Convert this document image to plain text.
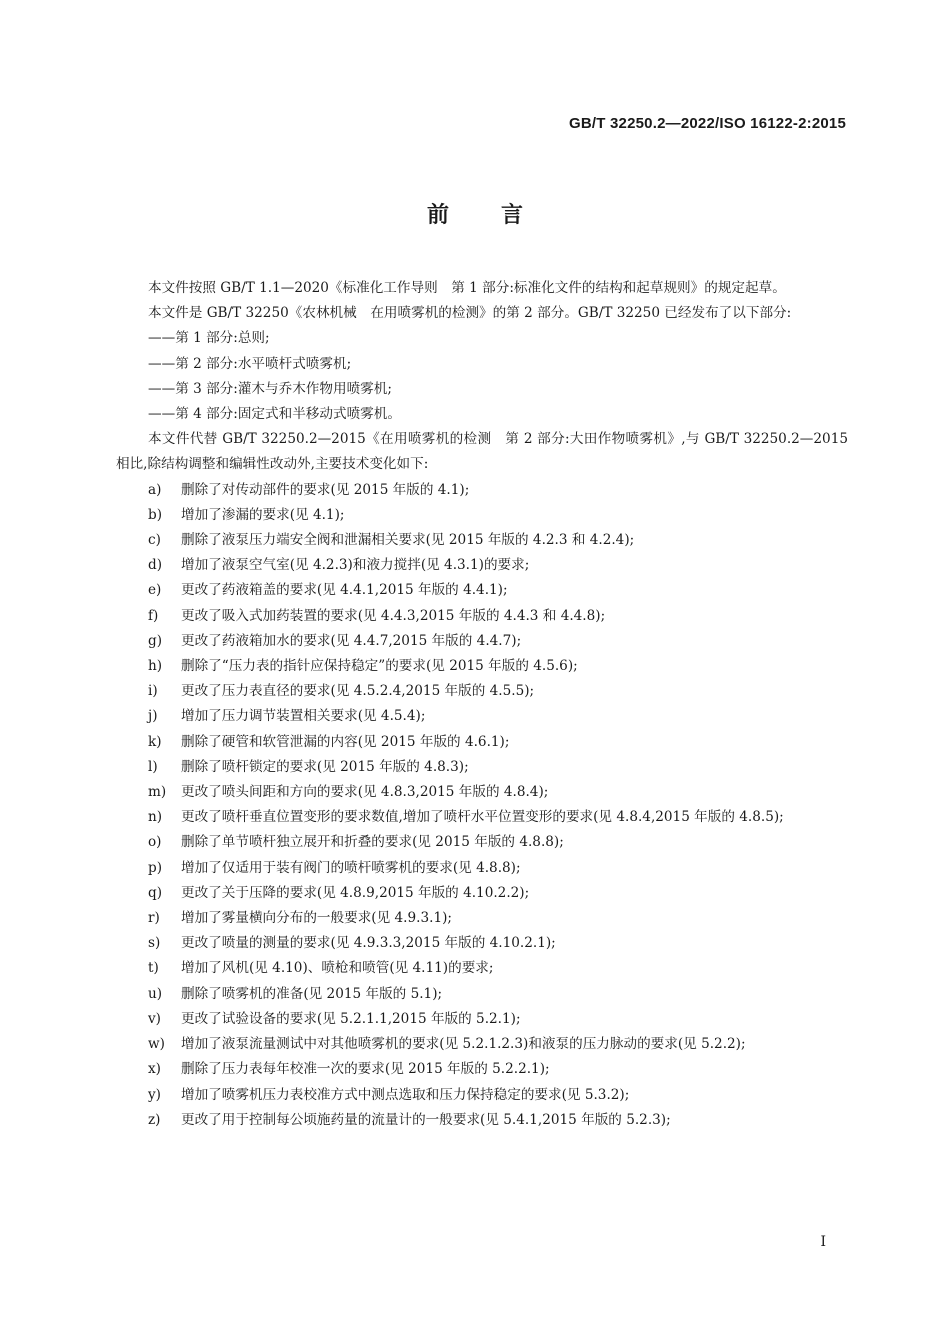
GB/T 32250.2—2022/ISO 16122-2:2015
前言

本文件按照 GB/T 1.1—2020《标准化工作导则　第 1 部分:标准化文件的结构和起草规则》的规定起草。

本文件是 GB/T 32250《农林机械　在用喷雾机的检测》的第 2 部分。GB/T 32250 已经发布了以下部分:

——第 1 部分:总则;

——第 2 部分:水平喷杆式喷雾机;

——第 3 部分:灌木与乔木作物用喷雾机;

——第 4 部分:固定式和半移动式喷雾机。

本文件代替 GB/T 32250.2—2015《在用喷雾机的检测　第 2 部分:大田作物喷雾机》,与 GB/T 32250.2—2015 相比,除结构调整和编辑性改动外,主要技术变化如下:

a)	删除了对传动部件的要求(见 2015 年版的 4.1);
b)	增加了渗漏的要求(见 4.1);
c)	删除了液泵压力端安全阀和泄漏相关要求(见 2015 年版的 4.2.3 和 4.2.4);
d)	增加了液泵空气室(见 4.2.3)和液力搅拌(见 4.3.1)的要求;
e)	更改了药液箱盖的要求(见 4.4.1,2015 年版的 4.4.1);
f)	更改了吸入式加药装置的要求(见 4.4.3,2015 年版的 4.4.3 和 4.4.8);
g)	更改了药液箱加水的要求(见 4.4.7,2015 年版的 4.4.7);
h)	删除了“压力表的指针应保持稳定”的要求(见 2015 年版的 4.5.6);
i)	更改了压力表直径的要求(见 4.5.2.4,2015 年版的 4.5.5);
j)	增加了压力调节装置相关要求(见 4.5.4);
k)	删除了硬管和软管泄漏的内容(见 2015 年版的 4.6.1);
l)	删除了喷杆锁定的要求(见 2015 年版的 4.8.3);
m)	更改了喷头间距和方向的要求(见 4.8.3,2015 年版的 4.8.4);
n)	更改了喷杆垂直位置变形的要求数值,增加了喷杆水平位置变形的要求(见 4.8.4,2015 年版的 4.8.5);
o)	删除了单节喷杆独立展开和折叠的要求(见 2015 年版的 4.8.8);
p)	增加了仅适用于装有阀门的喷杆喷雾机的要求(见 4.8.8);
q)	更改了关于压降的要求(见 4.8.9,2015 年版的 4.10.2.2);
r)	增加了雾量横向分布的一般要求(见 4.9.3.1);
s)	更改了喷量的测量的要求(见 4.9.3.3,2015 年版的 4.10.2.1);
t)	增加了风机(见 4.10)、喷枪和喷管(见 4.11)的要求;
u)	删除了喷雾机的准备(见 2015 年版的 5.1);
v)	更改了试验设备的要求(见 5.2.1.1,2015 年版的 5.2.1);
w)	增加了液泵流量测试中对其他喷雾机的要求(见 5.2.1.2.3)和液泵的压力脉动的要求(见 5.2.2);
x)	删除了压力表每年校准一次的要求(见 2015 年版的 5.2.2.1);
y)	增加了喷雾机压力表校准方式中测点选取和压力保持稳定的要求(见 5.3.2);
z)	更改了用于控制每公顷施药量的流量计的一般要求(见 5.4.1,2015 年版的 5.2.3);
I
